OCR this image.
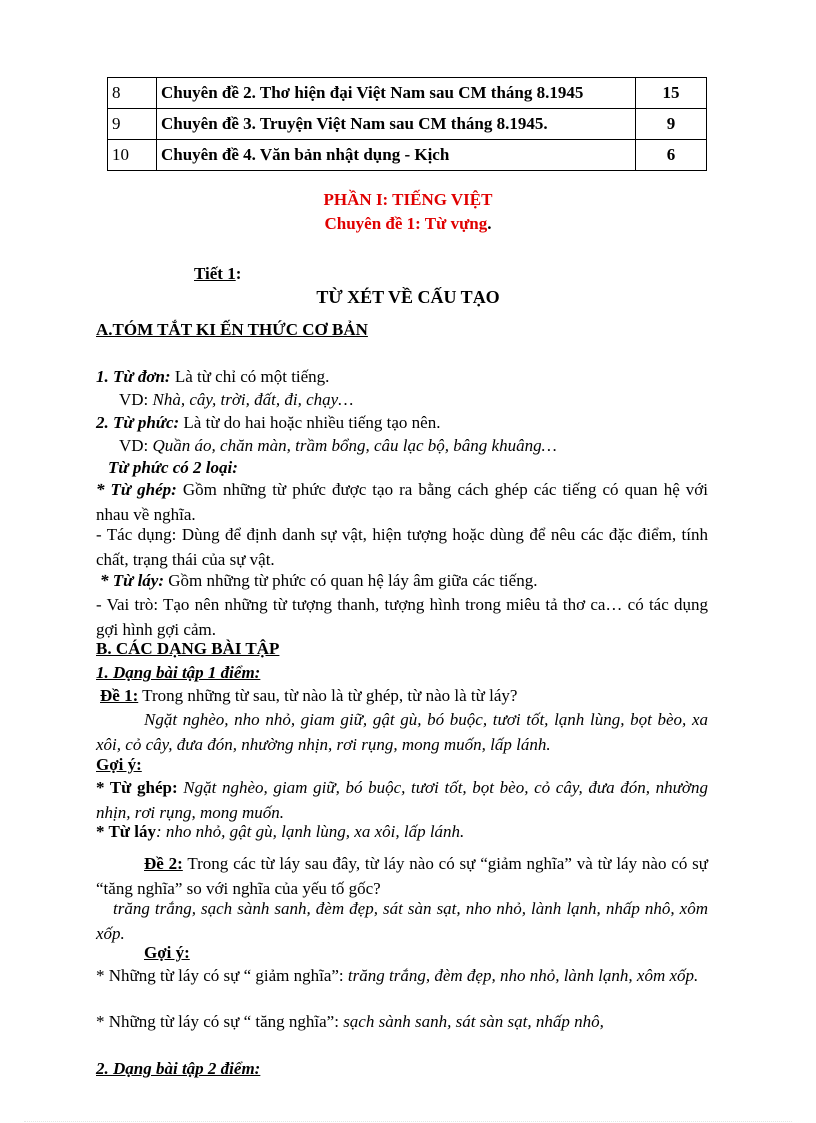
8	Chuyên đề 2. Thơ hiện đại Việt Nam sau CM tháng 8.1945	15
9	Chuyên đề 3. Truyện Việt Nam sau CM tháng 8.1945.	9
10	Chuyên đề 4. Văn bản nhật dụng - Kịch	6
PHẦN I: TIẾNG VIỆT
Chuyên đề 1: Từ vựng.
Tiết 1:
TỪ XÉT VỀ CẤU TẠO
A.TÓM TẮT KI ẾN THỨC CƠ BẢN
1. Từ đơn: Là từ chỉ có một tiếng.
VD: Nhà, cây, trời, đất, đi, chạy…
2. Từ phức: Là từ do hai hoặc nhiều tiếng tạo nên.
VD: Quần áo, chăn màn, trầm bổng, câu lạc bộ, bâng khuâng…
Từ phức có 2 loại:
* Từ ghép: Gồm những từ phức được tạo ra bằng cách ghép các tiếng có quan hệ với nhau về nghĩa.
- Tác dụng: Dùng để định danh sự vật, hiện tượng hoặc dùng để nêu các đặc điểm, tính chất, trạng thái của sự vật.
* Từ láy: Gồm những từ phức có quan hệ láy âm giữa các tiếng.
- Vai trò: Tạo nên những từ tượng thanh, tượng hình trong miêu tả thơ ca… có tác dụng gợi hình gợi cảm.
B. CÁC DẠNG BÀI TẬP
1. Dạng bài tập 1 điểm:
Đề 1: Trong những từ sau, từ nào là từ ghép, từ nào là từ láy?
Ngặt nghèo, nho nhỏ, giam giữ, gật gù, bó buộc, tươi tốt, lạnh lùng, bọt bèo, xa xôi, cỏ cây, đưa đón, nhường nhịn, rơi rụng, mong muốn, lấp lánh.
Gợi ý:
* Từ ghép: Ngặt nghèo, giam giữ, bó buộc, tươi tốt, bọt bèo, cỏ cây, đưa đón, nhường nhịn, rơi rụng, mong muốn.
* Từ láy: nho nhỏ, gật gù, lạnh lùng, xa xôi, lấp lánh.
Đề 2: Trong các từ láy sau đây, từ láy nào có sự “giảm nghĩa” và từ láy nào có sự “tăng nghĩa” so với nghĩa của yếu tố gốc?
trăng trắng, sạch sành sanh, đèm đẹp, sát sàn sạt, nho nhỏ, lành lạnh, nhấp nhô, xôm xốp.
Gợi ý:
* Những từ láy có sự “ giảm nghĩa”: trăng trắng, đèm đẹp, nho nhỏ, lành lạnh, xôm xốp.
* Những từ láy có sự “ tăng nghĩa”: sạch sành sanh, sát sàn sạt, nhấp nhô,
2. Dạng bài tập 2 điểm:
